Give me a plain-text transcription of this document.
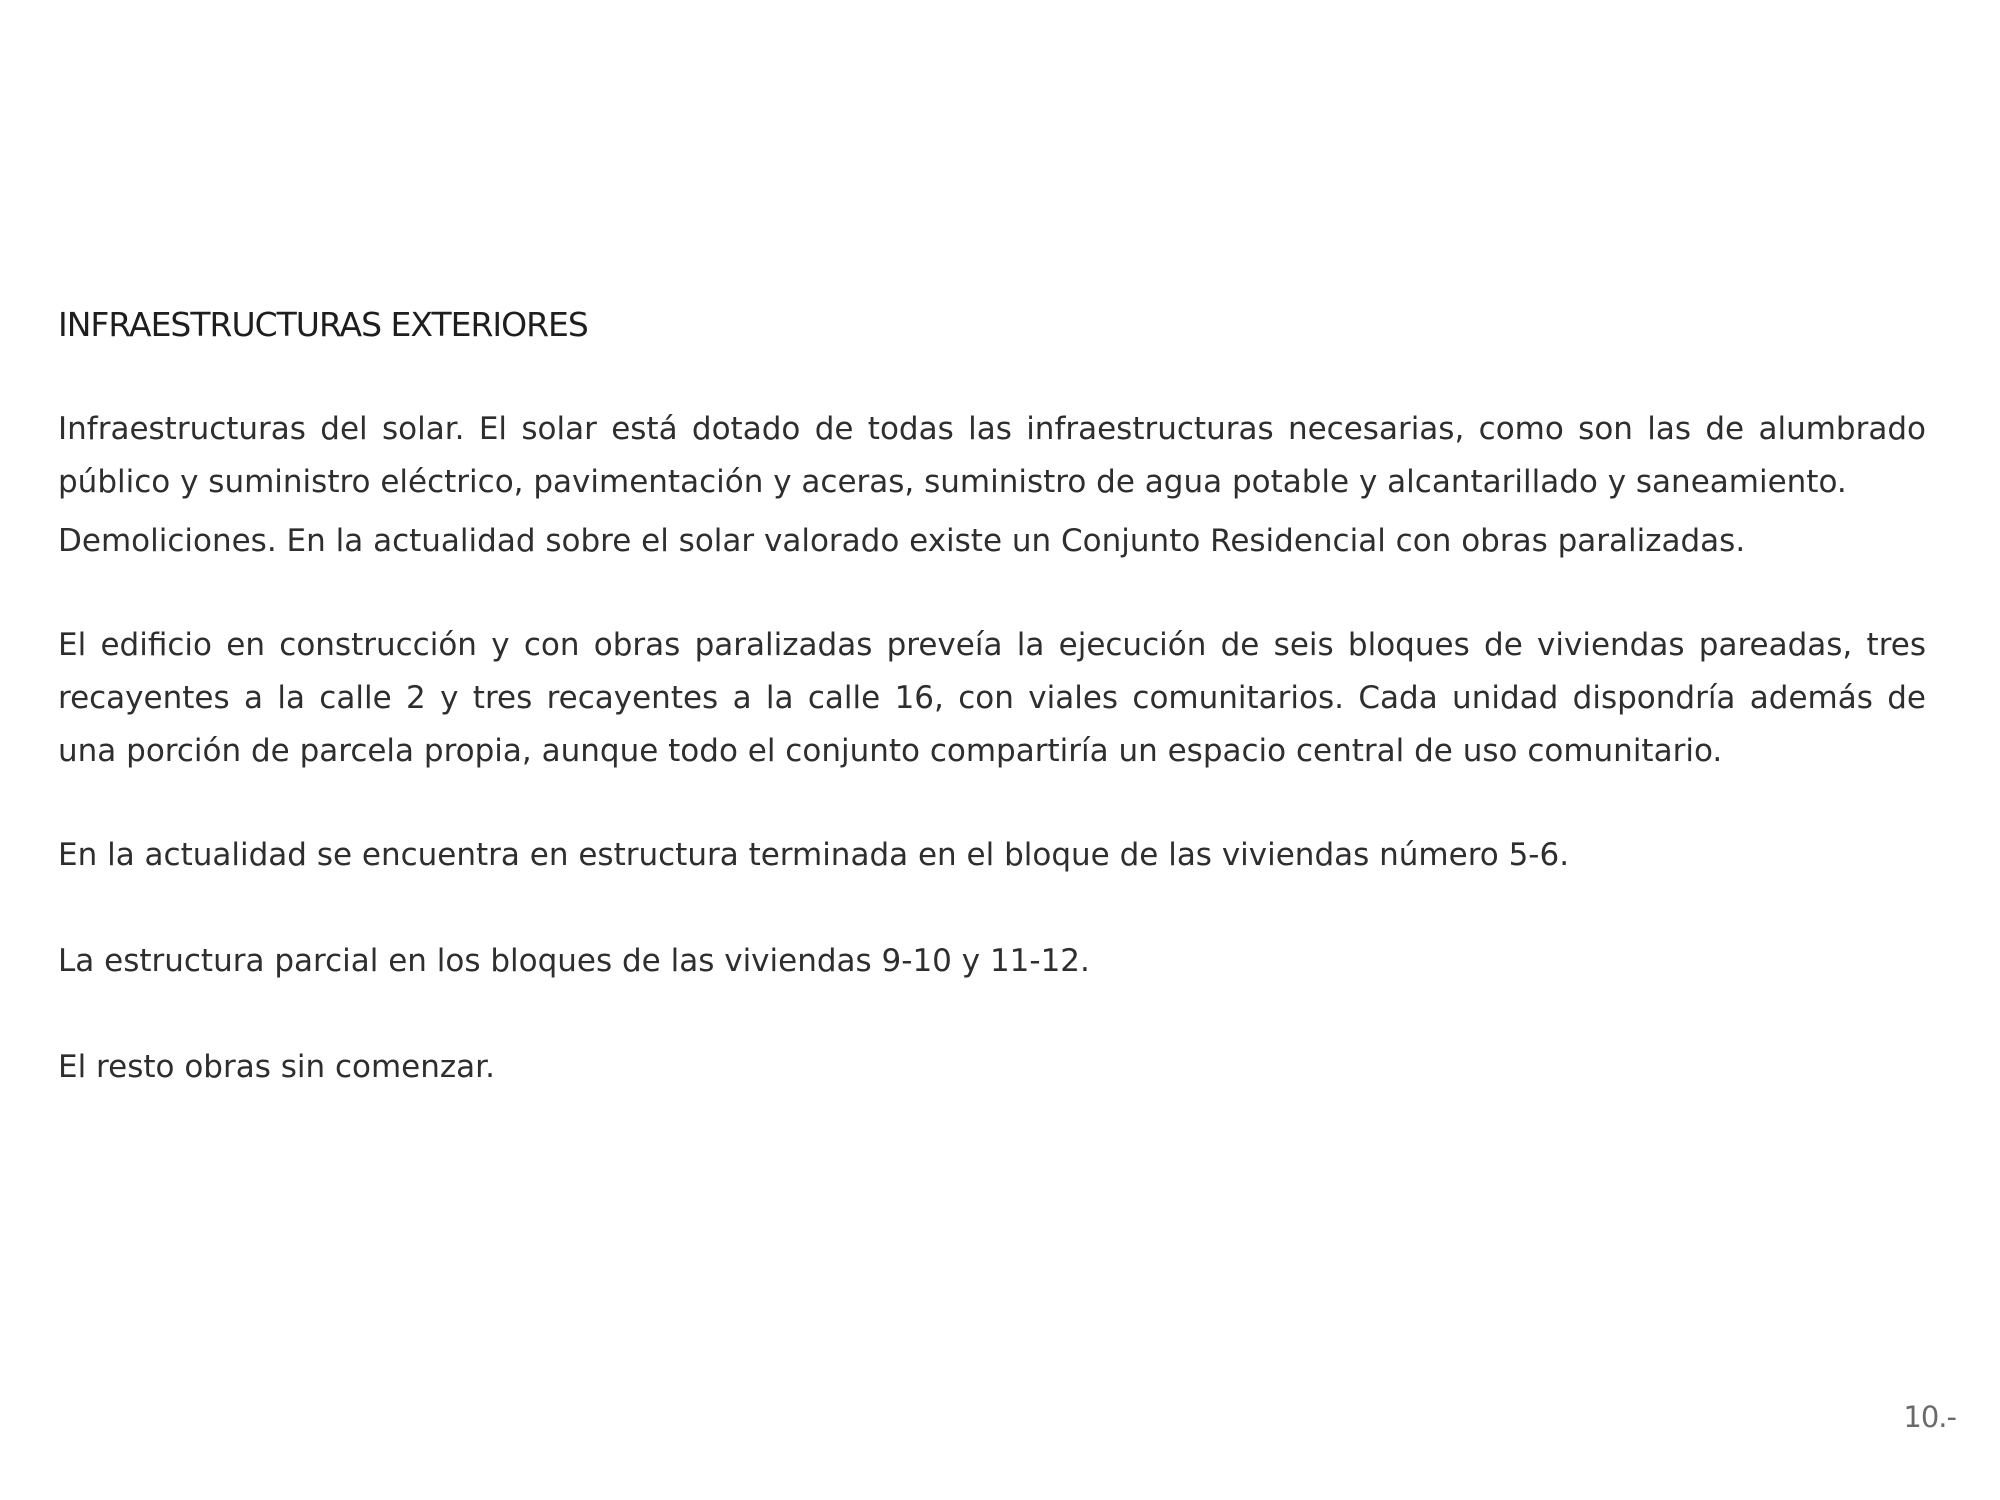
INFRAESTRUCTURAS EXTERIORES
Infraestructuras del solar. El solar está dotado de todas las infraestructuras necesarias, como son las de alumbrado
público y suministro eléctrico, pavimentación y aceras, suministro de agua potable y alcantarillado y saneamiento.
Demoliciones. En la actualidad sobre el solar valorado existe un Conjunto Residencial con obras paralizadas.
El edificio en construcción y con obras paralizadas preveía la ejecución de seis bloques de viviendas pareadas, tres
recayentes a la calle 2 y tres recayentes a la calle 16, con viales comunitarios. Cada unidad dispondría además de
una porción de parcela propia, aunque todo el conjunto compartiría un espacio central de uso comunitario.
En la actualidad se encuentra en estructura terminada en el bloque de las viviendas número 5-6.
La estructura parcial en los bloques de las viviendas 9-10 y 11-12.
El resto obras sin comenzar.
10.-
